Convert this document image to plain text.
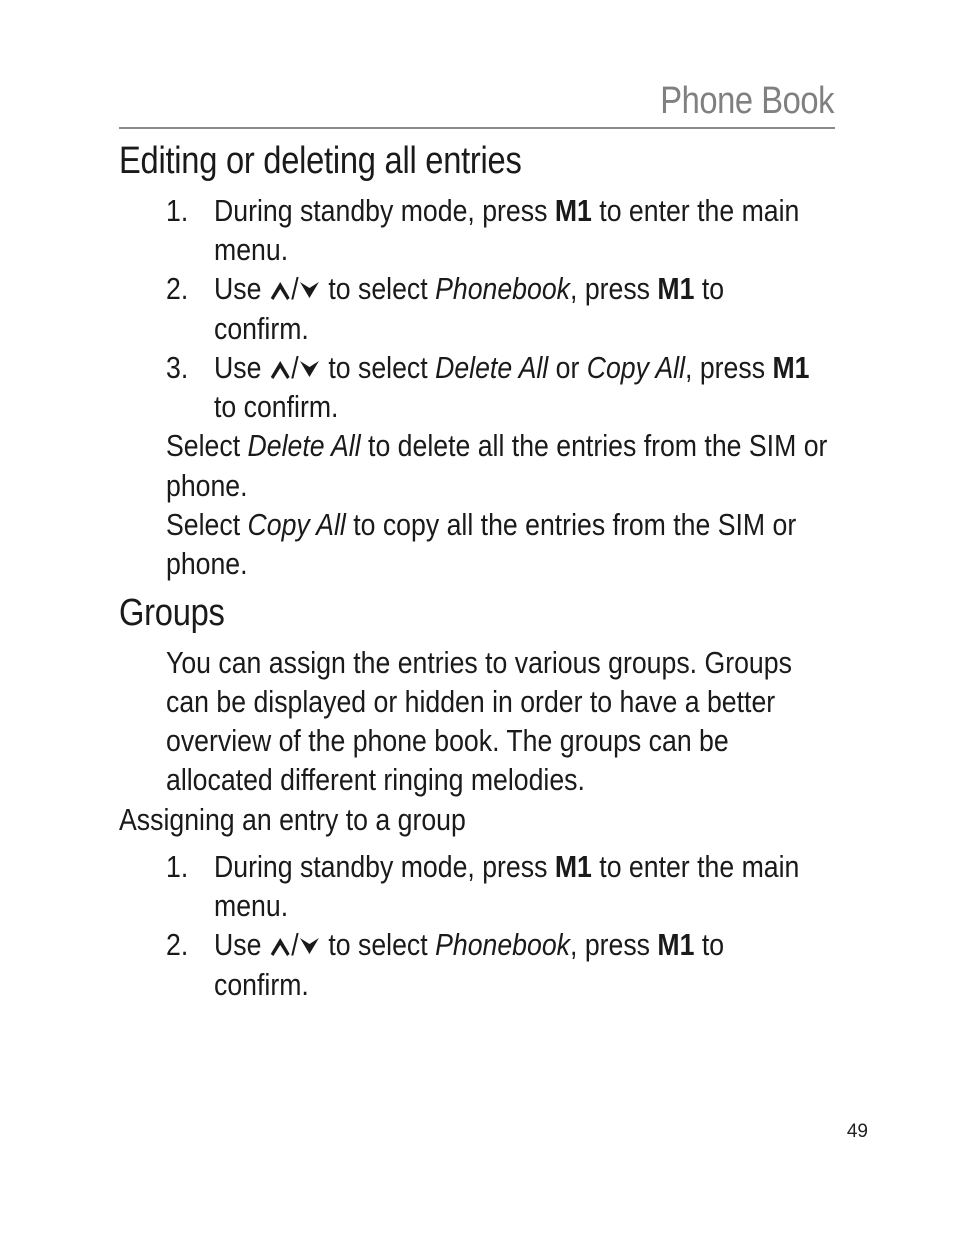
Phone Book
Editing or deleting all entries
1. During standby mode, press M1 to enter the main
menu.
2. Use / to select Phonebook, press M1 to
confirm.
3. Use / to select Delete All or Copy All, press M1
to confirm.
Select Delete All to delete all the entries from the SIM or
phone.
Select Copy All to copy all the entries from the SIM or
phone.
Groups
You can assign the entries to various groups. Groups
can be displayed or hidden in order to have a better
overview of the phone book. The groups can be
allocated different ringing melodies.
Assigning an entry to a group
1. During standby mode, press M1 to enter the main
menu.
2. Use / to select Phonebook, press M1 to
confirm.
49
